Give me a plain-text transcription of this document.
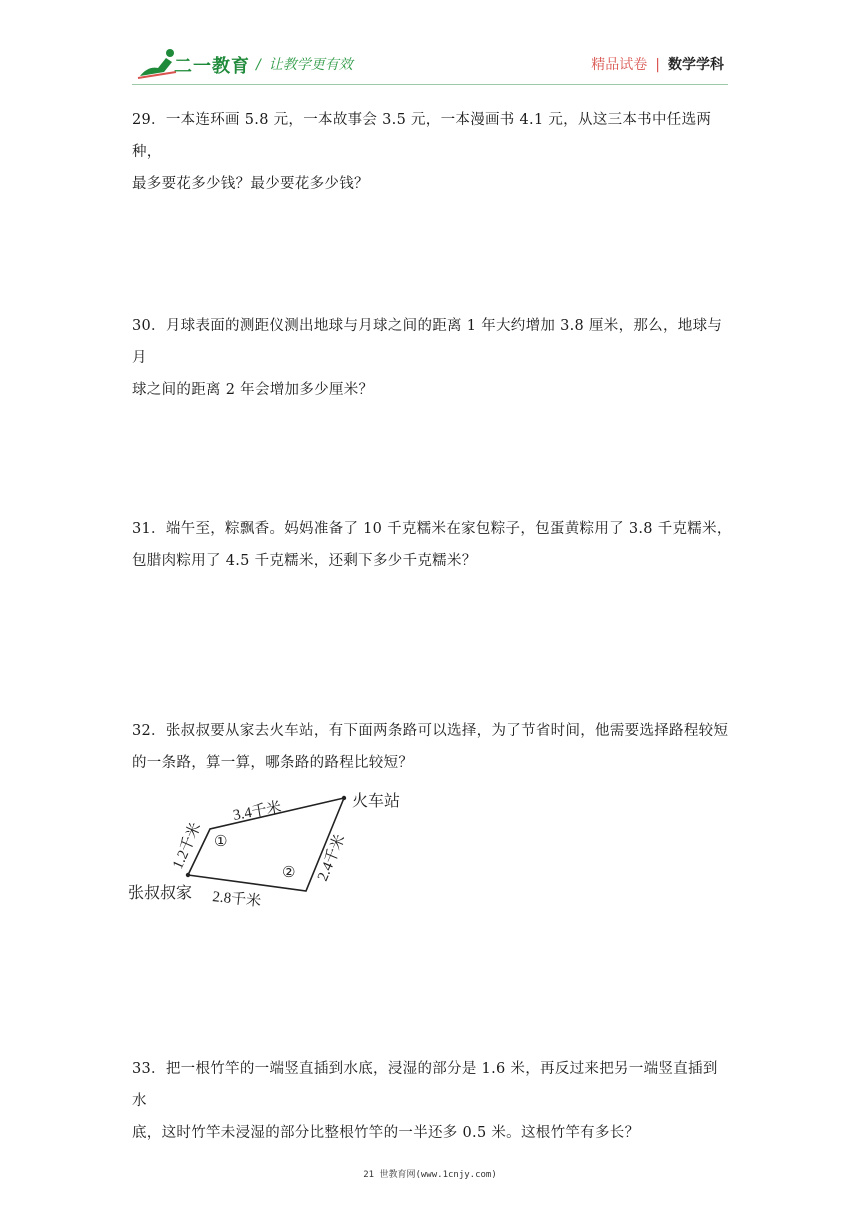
二一教育 / 让教学更有效	精品试卷 | 数学学科

29．一本连环画 5.8 元，一本故事会 3.5 元，一本漫画书 4.1 元，从这三本书中任选两种，

最多要花多少钱？最少要花多少钱？

30．月球表面的测距仪测出地球与月球之间的距离 1 年大约增加 3.8 厘米，那么，地球与月

球之间的距离 2 年会增加多少厘米？

31．端午至，粽飘香。妈妈准备了 10 千克糯米在家包粽子，包蛋黄粽用了 3.8 千克糯米，

包腊肉粽用了 4.5 千克糯米，还剩下多少千克糯米？

32．张叔叔要从家去火车站，有下面两条路可以选择，为了节省时间，他需要选择路程较短

的一条路，算一算，哪条路的路程比较短？

火车站
张叔叔家
3.4千米
1.2千米	2.4千米
2.8千米
①
②

33．把一根竹竿的一端竖直插到水底，浸湿的部分是 1.6 米，再反过来把另一端竖直插到水

底，这时竹竿未浸湿的部分比整根竹竿的一半还多 0.5 米。这根竹竿有多长？

21 世教育网(www.1cnjy.com)
